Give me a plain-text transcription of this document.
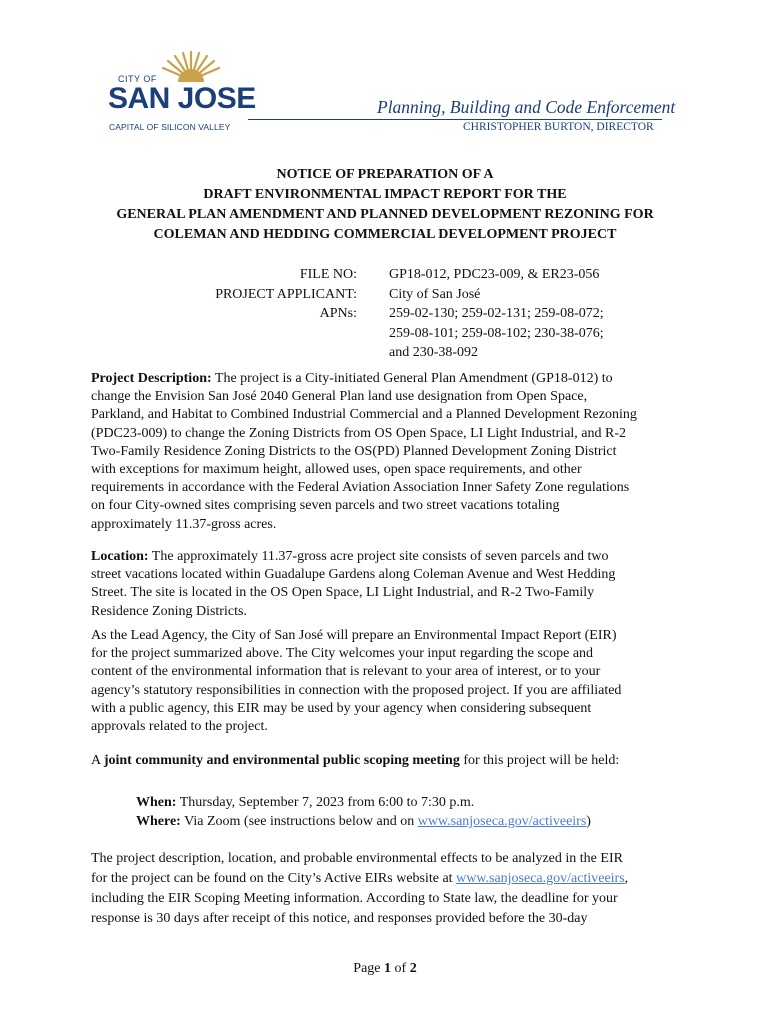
CITY OF
SAN JOSE
CAPITAL OF SILICON VALLEY
Planning, Building and Code Enforcement
CHRISTOPHER BURTON, DIRECTOR
NOTICE OF PREPARATION OF A
DRAFT ENVIRONMENTAL IMPACT REPORT FOR THE
GENERAL PLAN AMENDMENT AND PLANNED DEVELOPMENT REZONING FOR
COLEMAN AND HEDDING COMMERCIAL DEVELOPMENT PROJECT
FILE NO:
PROJECT APPLICANT:
APNs:
GP18-012, PDC23-009, & ER23-056
City of San José
259-02-130; 259-02-131; 259-08-072;
259-08-101; 259-08-102; 230-38-076;
and 230-38-092
Project Description: The project is a City-initiated General Plan Amendment (GP18-012) to
change the Envision San José 2040 General Plan land use designation from Open Space,
Parkland, and Habitat to Combined Industrial Commercial and a Planned Development Rezoning
(PDC23-009) to change the Zoning Districts from OS Open Space, LI Light Industrial, and R-2
Two-Family Residence Zoning Districts to the OS(PD) Planned Development Zoning District
with exceptions for maximum height, allowed uses, open space requirements, and other
requirements in accordance with the Federal Aviation Association Inner Safety Zone regulations
on four City-owned sites comprising seven parcels and two street vacations totaling
approximately 11.37-gross acres.
Location: The approximately 11.37-gross acre project site consists of seven parcels and two
street vacations located within Guadalupe Gardens along Coleman Avenue and West Hedding
Street. The site is located in the OS Open Space, LI Light Industrial, and R-2 Two-Family
Residence Zoning Districts.
As the Lead Agency, the City of San José will prepare an Environmental Impact Report (EIR)
for the project summarized above. The City welcomes your input regarding the scope and
content of the environmental information that is relevant to your area of interest, or to your
agency’s statutory responsibilities in connection with the proposed project. If you are affiliated
with a public agency, this EIR may be used by your agency when considering subsequent
approvals related to the project.
A joint community and environmental public scoping meeting for this project will be held:
When: Thursday, September 7, 2023 from 6:00 to 7:30 p.m.
Where: Via Zoom (see instructions below and on www.sanjoseca.gov/activeeirs)
The project description, location, and probable environmental effects to be analyzed in the EIR
for the project can be found on the City’s Active EIRs website at www.sanjoseca.gov/activeeirs,
including the EIR Scoping Meeting information. According to State law, the deadline for your
response is 30 days after receipt of this notice, and responses provided before the 30-day
Page 1 of 2
